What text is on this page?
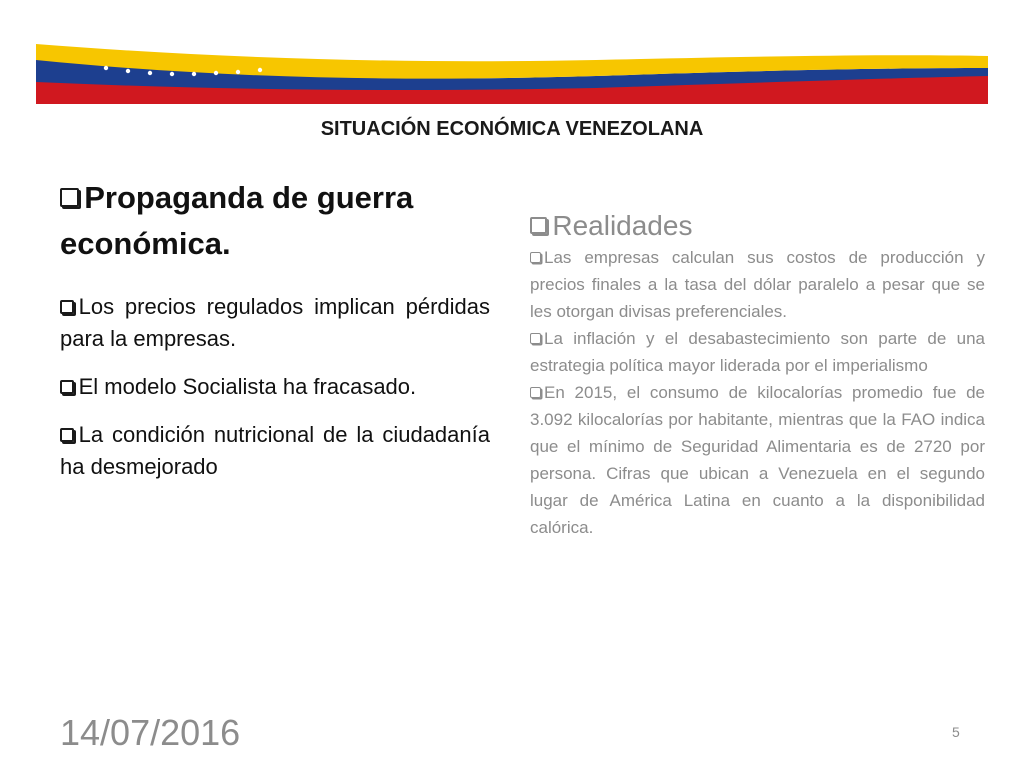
SITUACIÓN ECONÓMICA VENEZOLANA

Propaganda de guerra económica.

Los precios regulados implican pérdidas para la empresas.

El modelo Socialista ha fracasado.

La condición nutricional de la ciudadanía ha desmejorado

Realidades

Las empresas calculan sus costos de producción y precios finales a la tasa del dólar paralelo a pesar que se les otorgan divisas preferenciales.

La inflación y el desabastecimiento son parte de una estrategia política mayor liderada por el imperialismo

En 2015, el consumo de kilocalorías promedio fue de 3.092 kilocalorías por habitante, mientras que la FAO indica que el mínimo de Seguridad Alimentaria es de 2720 por persona. Cifras que ubican a Venezuela en el segundo lugar de América Latina en cuanto a la disponibilidad calórica.

14/07/2016	5
